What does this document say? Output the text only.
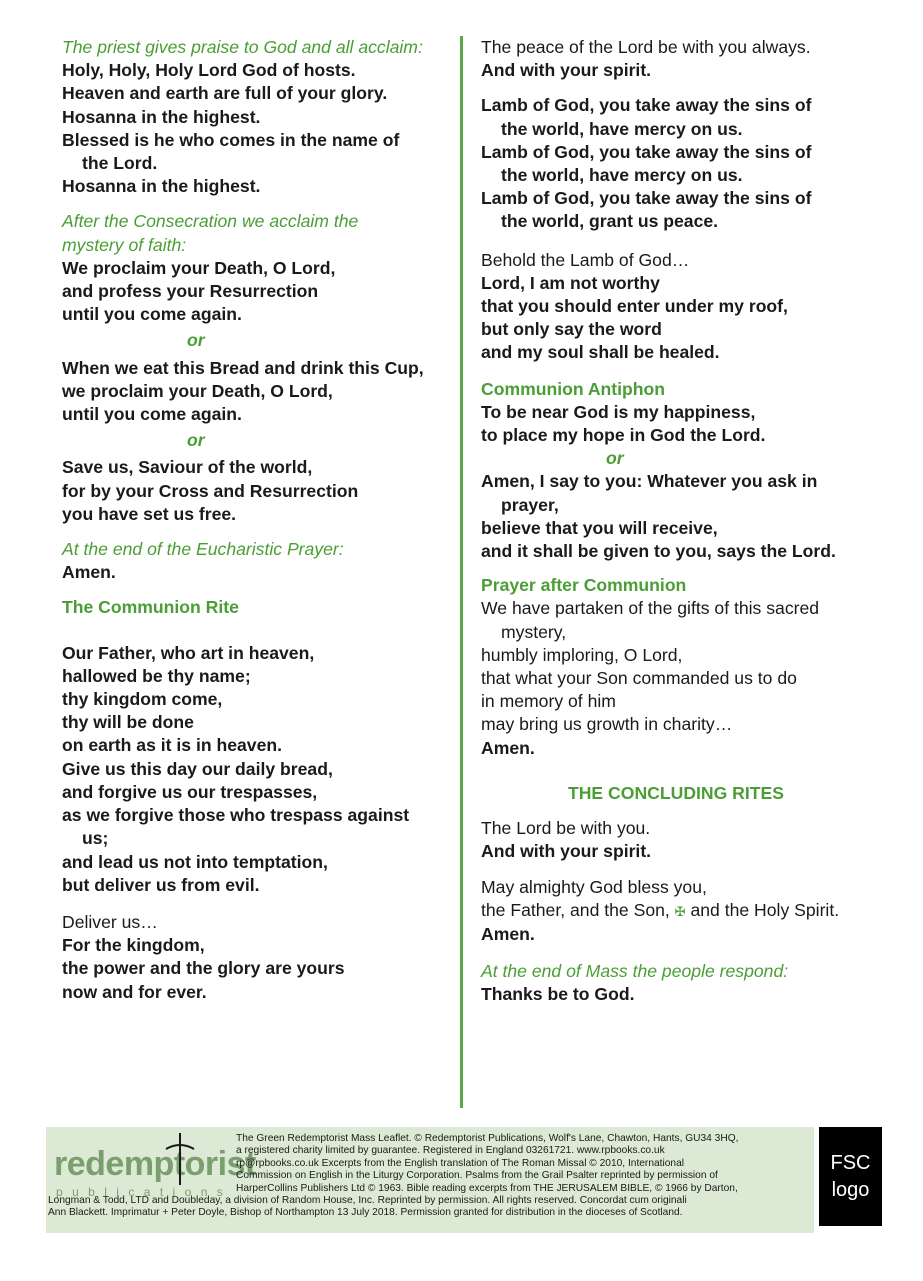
The priest gives praise to God and all acclaim:
Holy, Holy, Holy Lord God of hosts.
Heaven and earth are full of your glory.
Hosanna in the highest.
Blessed is he who comes in the name of
the Lord.
Hosanna in the highest.
After the Consecration we acclaim the
mystery of faith:
We proclaim your Death, O Lord,
and profess your Resurrection
until you come again.
or
When we eat this Bread and drink this Cup,
we proclaim your Death, O Lord,
until you come again.
or
Save us, Saviour of the world,
for by your Cross and Resurrection
you have set us free.
At the end of the Eucharistic Prayer:
Amen.
The Communion Rite
Our Father, who art in heaven,
hallowed be thy name;
thy kingdom come,
thy will be done
on earth as it is in heaven.
Give us this day our daily bread,
and forgive us our trespasses,
as we forgive those who trespass against
us;
and lead us not into temptation,
but deliver us from evil.
Deliver us…
For the kingdom,
the power and the glory are yours
now and for ever.
The peace of the Lord be with you always.
And with your spirit.
Lamb of God, you take away the sins of
the world, have mercy on us.
Lamb of God, you take away the sins of
the world, have mercy on us.
Lamb of God, you take away the sins of
the world, grant us peace.
Behold the Lamb of God…
Lord, I am not worthy
that you should enter under my roof,
but only say the word
and my soul shall be healed.
Communion Antiphon
To be near God is my happiness,
to place my hope in God the Lord.
or
Amen, I say to you: Whatever you ask in
prayer,
believe that you will receive,
and it shall be given to you, says the Lord.
Prayer after Communion
We have partaken of the gifts of this sacred
mystery,
humbly imploring, O Lord,
that what your Son commanded us to do
in memory of him
may bring us growth in charity…
Amen.
THE CONCLUDING RITES
The Lord be with you.
And with your spirit.
May almighty God bless you,
the Father, and the Son, ✠ and the Holy Spirit.
Amen.
At the end of Mass the people respond:
Thanks be to God.
redemptorist
publications
The Green Redemptorist Mass Leaflet. © Redemptorist Publications, Wolf's Lane, Chawton, Hants, GU34 3HQ,
a registered charity limited by guarantee. Registered in England 03261721. www.rpbooks.co.uk
rp@rpbooks.co.uk Excerpts from the English translation of The Roman Missal © 2010, International
Commission on English in the Liturgy Corporation. Psalms from the Grail Psalter reprinted by permission of
HarperCollins Publishers Ltd © 1963. Bible reading excerpts from THE JERUSALEM BIBLE, © 1966 by Darton,
Longman & Todd, LTD and Doubleday, a division of Random House, Inc. Reprinted by permission. All rights reserved. Concordat cum originali
Ann Blackett. Imprimatur + Peter Doyle, Bishop of Northampton 13 July 2018. Permission granted for distribution in the dioceses of Scotland.
FSC
logo
